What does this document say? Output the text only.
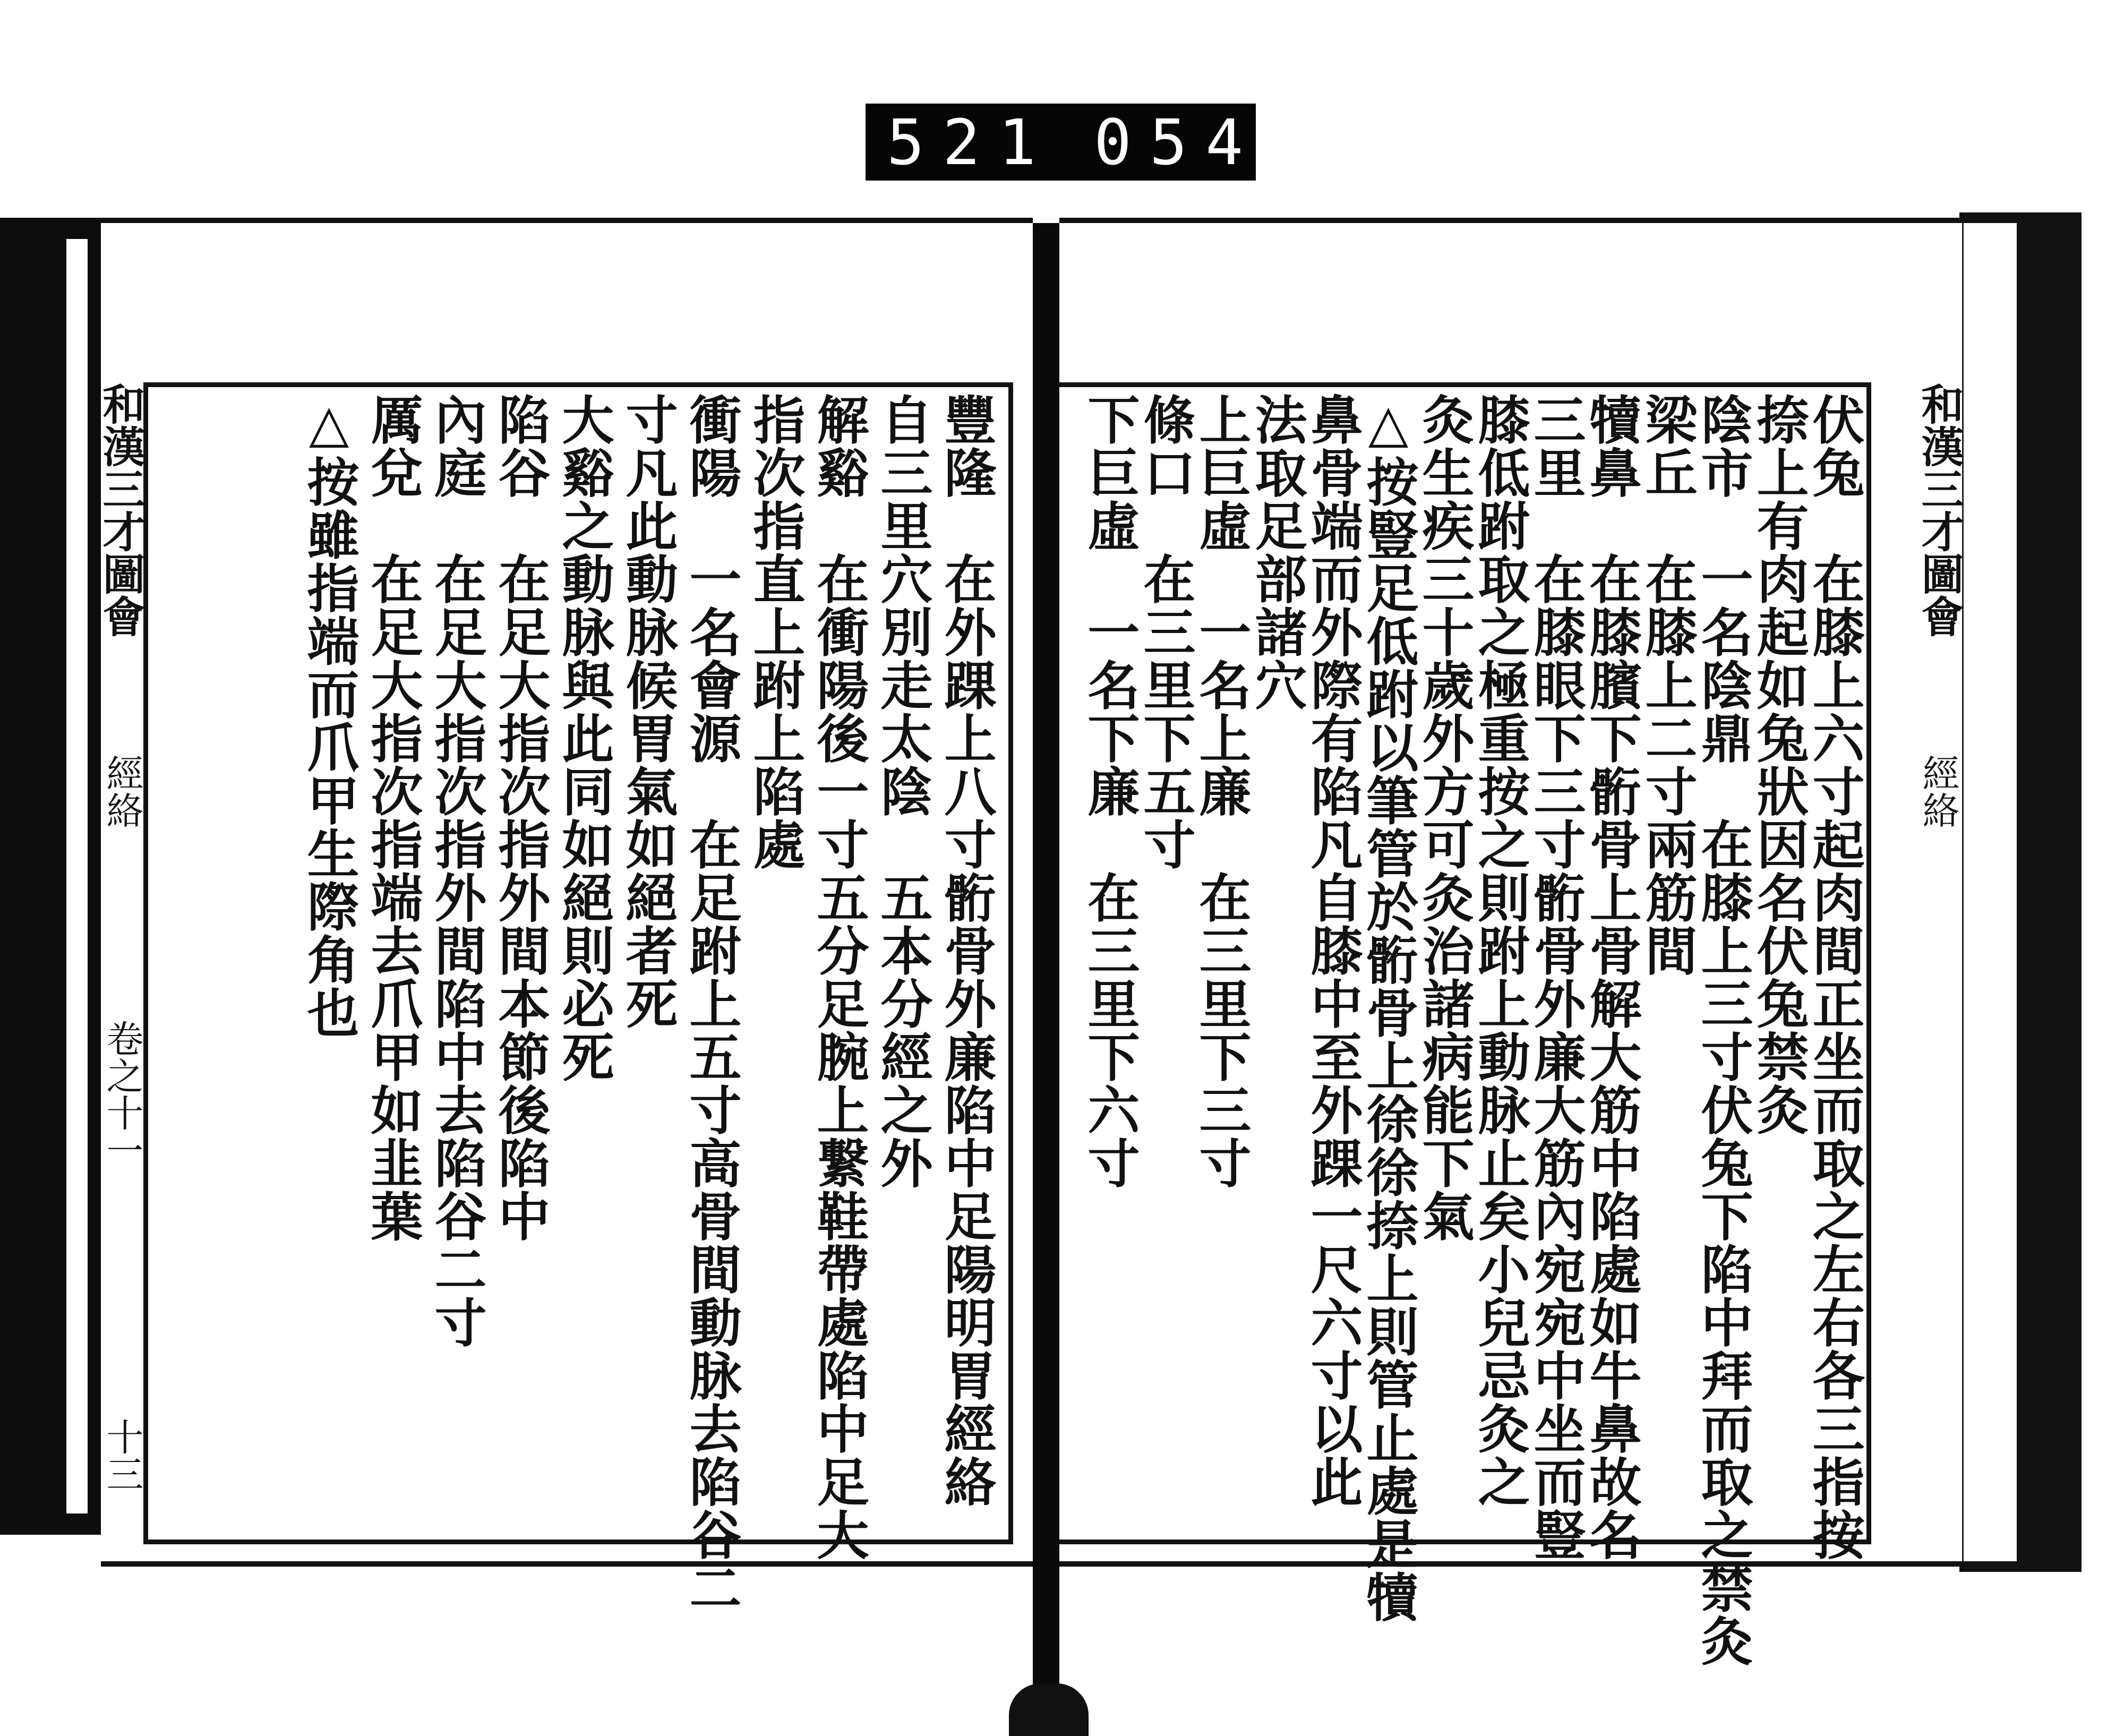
521 054
和漢三才圖會
經絡
卷之十一
十三	豐隆　在外踝上八寸䯒骨外廉陷中足陽明胃經絡
自三里穴別走太陰　五本分經之外
解谿　在衝陽後一寸五分足腕上繋鞋帶處陷中足大
指次指直上跗上陷處
衝陽　一名會源　在足跗上五寸高骨間動脉去陷谷二
寸凡此動脉候胃氣如絕者死
大谿之動脉與此同如絕則必死
陷谷　在足大指次指外間本節後陷中
內庭　在足大指次指外間陷中去陷谷二寸
厲兌　在足大指次指端去爪甲如韭葉
△按雖指端而爪甲生際角也	和漢三才圖會
經絡
伏兔　在膝上六寸起肉間正坐而取之左右各三指按
捺上有肉起如兔狀因名伏兔禁灸
陰市　一名陰鼎　在膝上三寸伏兔下陷中拜而取之禁灸
梁丘　在膝上二寸兩筋間
犢鼻　在膝臏下䯒骨上骨解大筋中陷處如牛鼻故名
三里　在膝眼下三寸䯒骨外廉大筋內宛宛中坐而豎
膝低跗取之極重按之則跗上動脉止矣小兒忌灸之
灸生疾三十歲外方可灸治諸病能下氣
△按豎足低跗以筆管於䯒骨上徐徐捺上則管止處是犢
鼻骨端而外際有陷凡自膝中至外踝一尺六寸以此
法取足部諸穴
上巨虛　一名上廉　在三里下三寸
條口　在三里下五寸
下巨虛　一名下廉　在三里下六寸
